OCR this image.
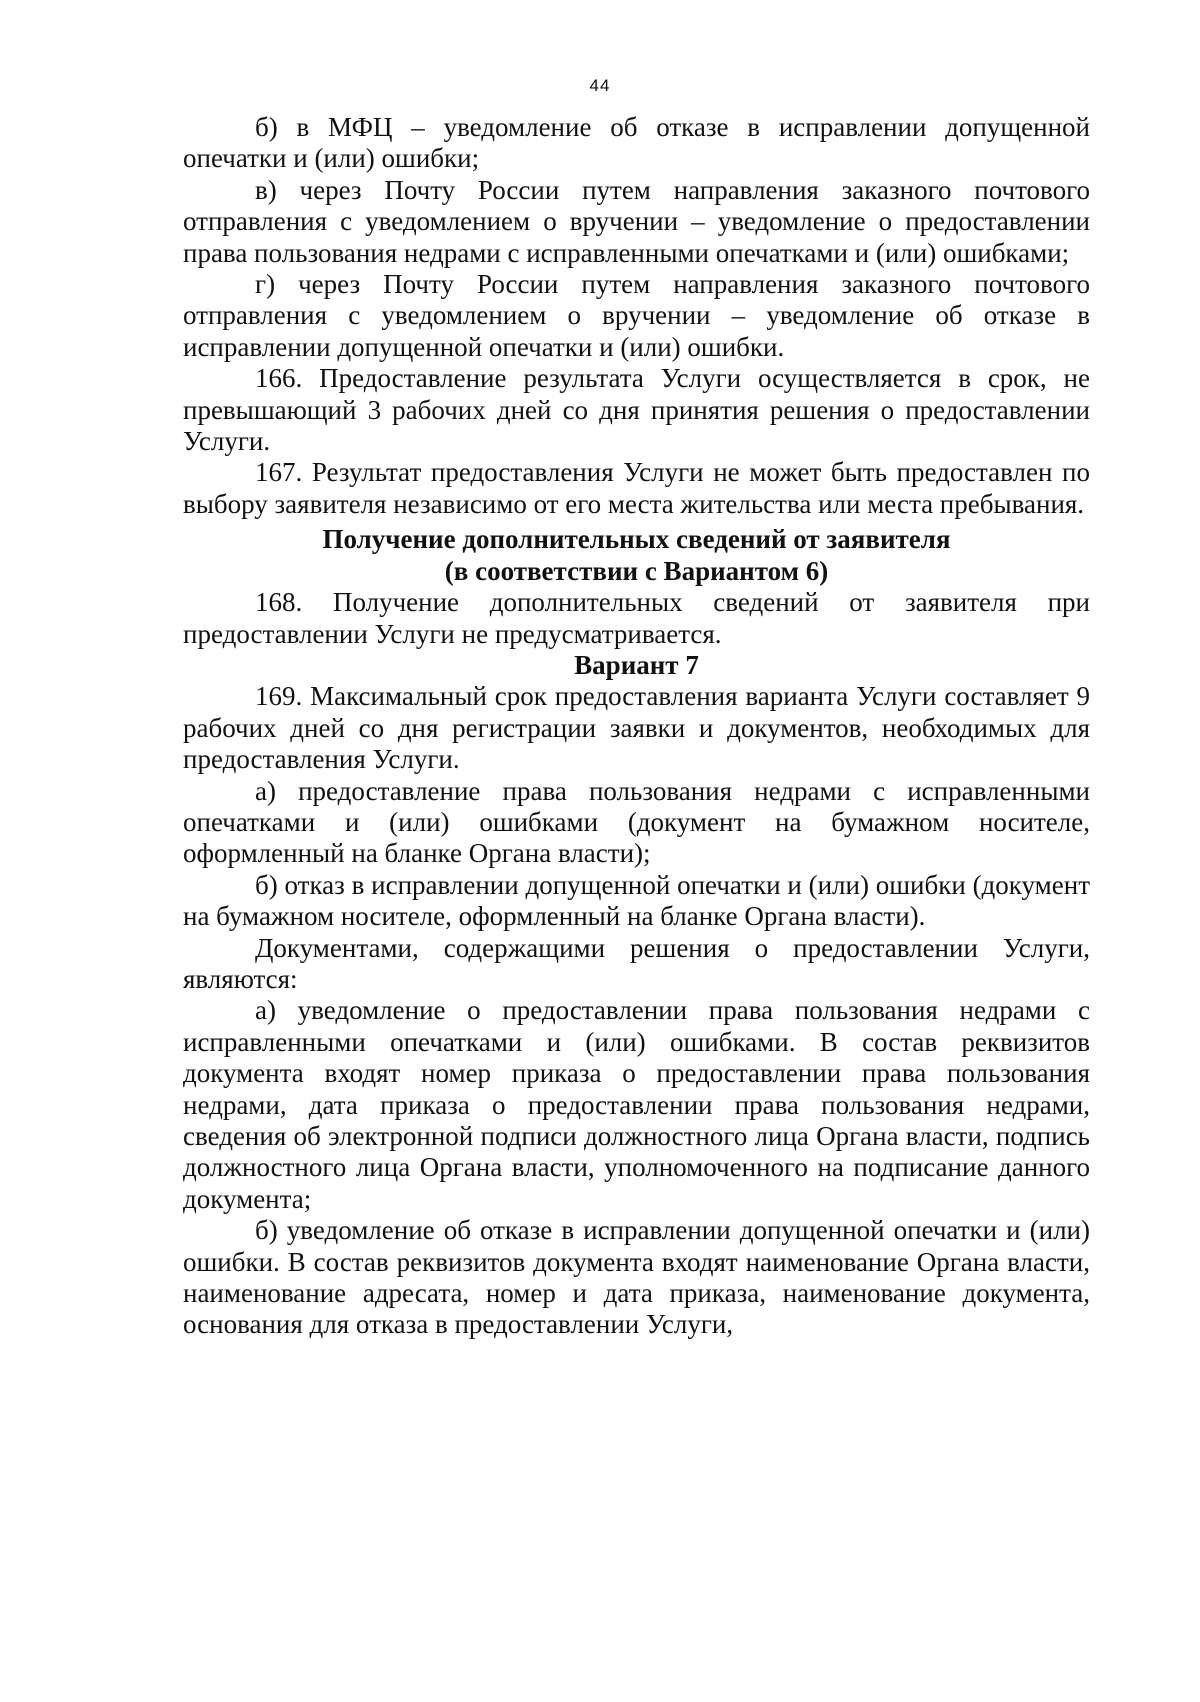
44

б) в МФЦ – уведомление об отказе в исправлении допущенной опечатки и (или) ошибки;

в) через Почту России путем направления заказного почтового отправления с уведомлением о вручении – уведомление о предоставлении права пользования недрами с исправленными опечатками и (или) ошибками;

г) через Почту России путем направления заказного почтового отправления с уведомлением о вручении – уведомление об отказе в исправлении допущенной опечатки и (или) ошибки.

166. Предоставление результата Услуги осуществляется в срок, не превышающий 3 рабочих дней со дня принятия решения о предоставлении Услуги.

167. Результат предоставления Услуги не может быть предоставлен по выбору заявителя независимо от его места жительства или места пребывания.

Получение дополнительных сведений от заявителя
(в соответствии с Вариантом 6)

168. Получение дополнительных сведений от заявителя при предоставлении Услуги не предусматривается.

Вариант 7

169. Максимальный срок предоставления варианта Услуги составляет 9 рабочих дней со дня регистрации заявки и документов, необходимых для предоставления Услуги.

а) предоставление права пользования недрами с исправленными опечатками и (или) ошибками (документ на бумажном носителе, оформленный на бланке Органа власти);

б) отказ в исправлении допущенной опечатки и (или) ошибки (документ на бумажном носителе, оформленный на бланке Органа власти).

Документами, содержащими решения о предоставлении Услуги, являются:

а) уведомление о предоставлении права пользования недрами с исправленными опечатками и (или) ошибками. В состав реквизитов документа входят номер приказа о предоставлении права пользования недрами, дата приказа о предоставлении права пользования недрами, сведения об электронной подписи должностного лица Органа власти, подпись должностного лица Органа власти, уполномоченного на подписание данного документа;

б) уведомление об отказе в исправлении допущенной опечатки и (или) ошибки. В состав реквизитов документа входят наименование Органа власти, наименование адресата, номер и дата приказа, наименование документа, основания для отказа в предоставлении Услуги,
